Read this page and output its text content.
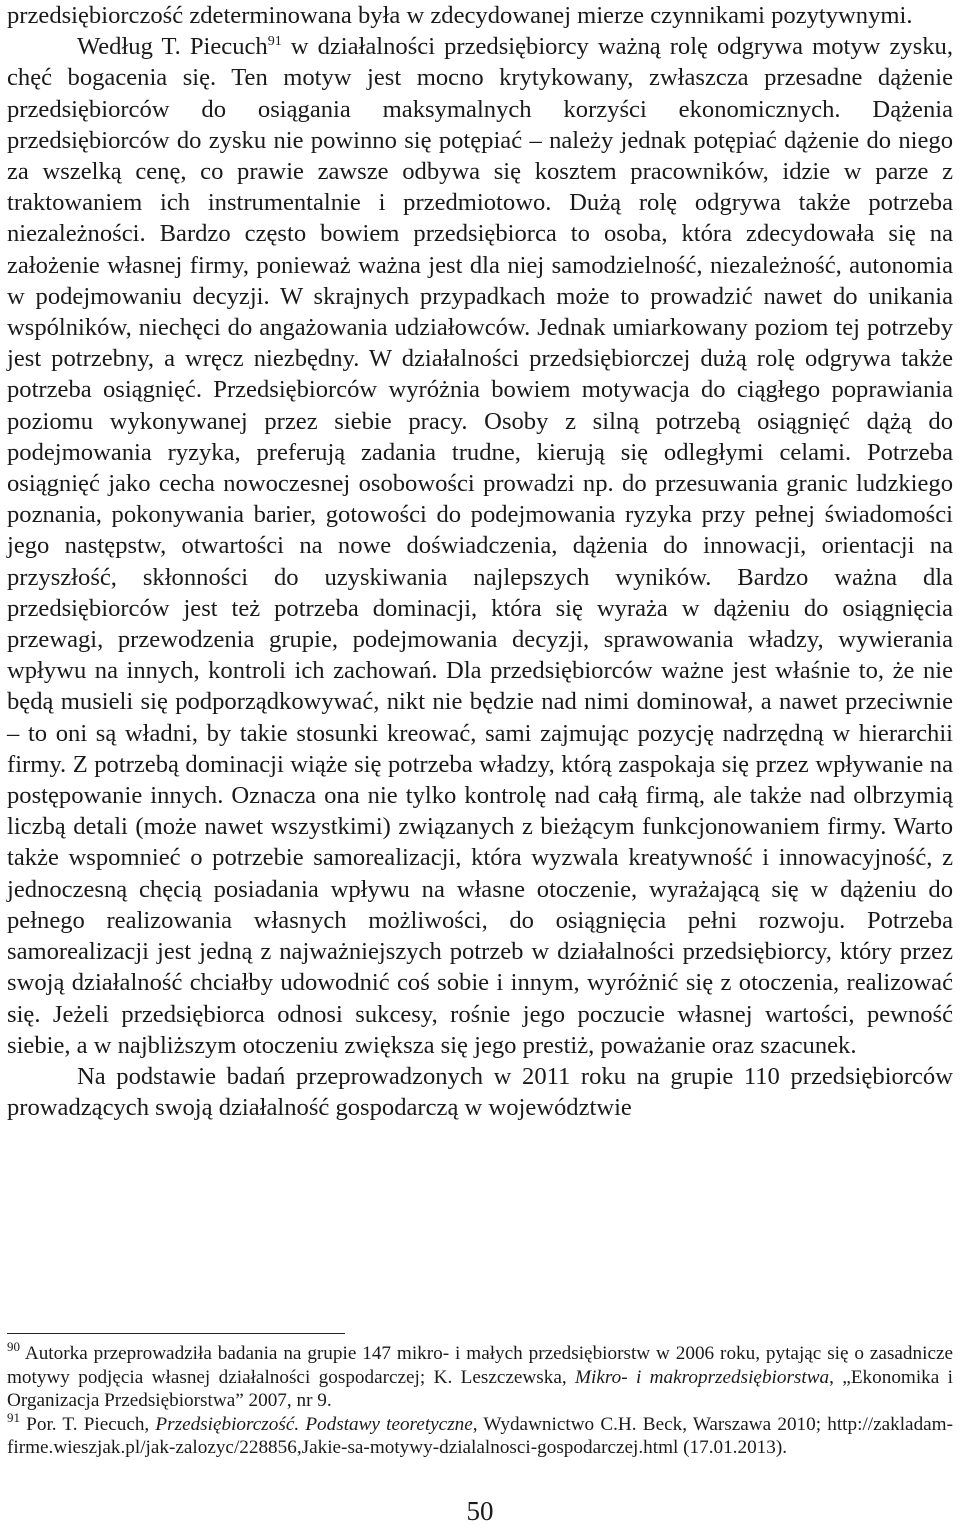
przedsiębiorczość zdeterminowana była w zdecydowanej mierze czynnikami pozytywnymi.

Według T. Piecuch$^{91}$ w działalności przedsiębiorcy ważną rolę odgrywa motyw zysku, chęć bogacenia się. Ten motyw jest mocno krytykowany, zwłaszcza przesadne dążenie przedsiębiorców do osiągania maksymalnych korzyści ekonomicznych. Dążenia przedsiębiorców do zysku nie powinno się potępiać – należy jednak potępiać dążenie do niego za wszelką cenę, co prawie zawsze odbywa się kosztem pracowników, idzie w parze z traktowaniem ich instrumentalnie i przedmiotowo. Dużą rolę odgrywa także potrzeba niezależności. Bardzo często bowiem przedsiębiorca to osoba, która zdecydowała się na założenie własnej firmy, ponieważ ważna jest dla niej samodzielność, niezależność, autonomia w podejmowaniu decyzji. W skrajnych przypadkach może to prowadzić nawet do unikania wspólników, niechęci do angażowania udziałowców. Jednak umiarkowany poziom tej potrzeby jest potrzebny, a wręcz niezbędny. W działalności przedsiębiorczej dużą rolę odgrywa także potrzeba osiągnięć. Przedsiębiorców wyróżnia bowiem motywacja do ciągłego poprawiania poziomu wykonywanej przez siebie pracy. Osoby z silną potrzebą osiągnięć dążą do podejmowania ryzyka, preferują zadania trudne, kierują się odległymi celami. Potrzeba osiągnięć jako cecha nowoczesnej osobowości prowadzi np. do przesuwania granic ludzkiego poznania, pokonywania barier, gotowości do podejmowania ryzyka przy pełnej świadomości jego następstw, otwartości na nowe doświadczenia, dążenia do innowacji, orientacji na przyszłość, skłonności do uzyskiwania najlepszych wyników. Bardzo ważna dla przedsiębiorców jest też potrzeba dominacji, która się wyraża w dążeniu do osiągnięcia przewagi, przewodzenia grupie, podejmowania decyzji, sprawowania władzy, wywierania wpływu na innych, kontroli ich zachowań. Dla przedsiębiorców ważne jest właśnie to, że nie będą musieli się podporządkowywać, nikt nie będzie nad nimi dominował, a nawet przeciwnie – to oni są władni, by takie stosunki kreować, sami zajmując pozycję nadrzędną w hierarchii firmy. Z potrzebą dominacji wiąże się potrzeba władzy, którą zaspokaja się przez wpływanie na postępowanie innych. Oznacza ona nie tylko kontrolę nad całą firmą, ale także nad olbrzymią liczbą detali (może nawet wszystkimi) związanych z bieżącym funkcjonowaniem firmy. Warto także wspomnieć o potrzebie samorealizacji, która wyzwala kreatywność i innowacyjność, z jednoczesną chęcią posiadania wpływu na własne otoczenie, wyrażającą się w dążeniu do pełnego realizowania własnych możliwości, do osiągnięcia pełni rozwoju. Potrzeba samorealizacji jest jedną z najważniejszych potrzeb w działalności przedsiębiorcy, który przez swoją działalność chciałby udowodnić coś sobie i innym, wyróżnić się z otoczenia, realizować się. Jeżeli przedsiębiorca odnosi sukcesy, rośnie jego poczucie własnej wartości, pewność siebie, a w najbliższym otoczeniu zwiększa się jego prestiż, poważanie oraz szacunek.

Na podstawie badań przeprowadzonych w 2011 roku na grupie 110 przedsiębiorców prowadzących swoją działalność gospodarczą w województwie

$^{90}$ Autorka przeprowadziła badania na grupie 147 mikro- i małych przedsiębiorstw w 2006 roku, pytając się o zasadnicze motywy podjęcia własnej działalności gospodarczej; K. Leszczewska, Mikro- i makroprzedsiębiorstwa, „Ekonomika i Organizacja Przedsiębiorstwa” 2007, nr 9.

$^{91}$ Por. T. Piecuch, Przedsiębiorczość. Podstawy teoretyczne, Wydawnictwo C.H. Beck, Warszawa 2010; http://zakladam-firme.wieszjak.pl/jak-zalozyc/228856,Jakie-sa-motywy-dzialalnosci-gospodarczej.html (17.01.2013).

50
